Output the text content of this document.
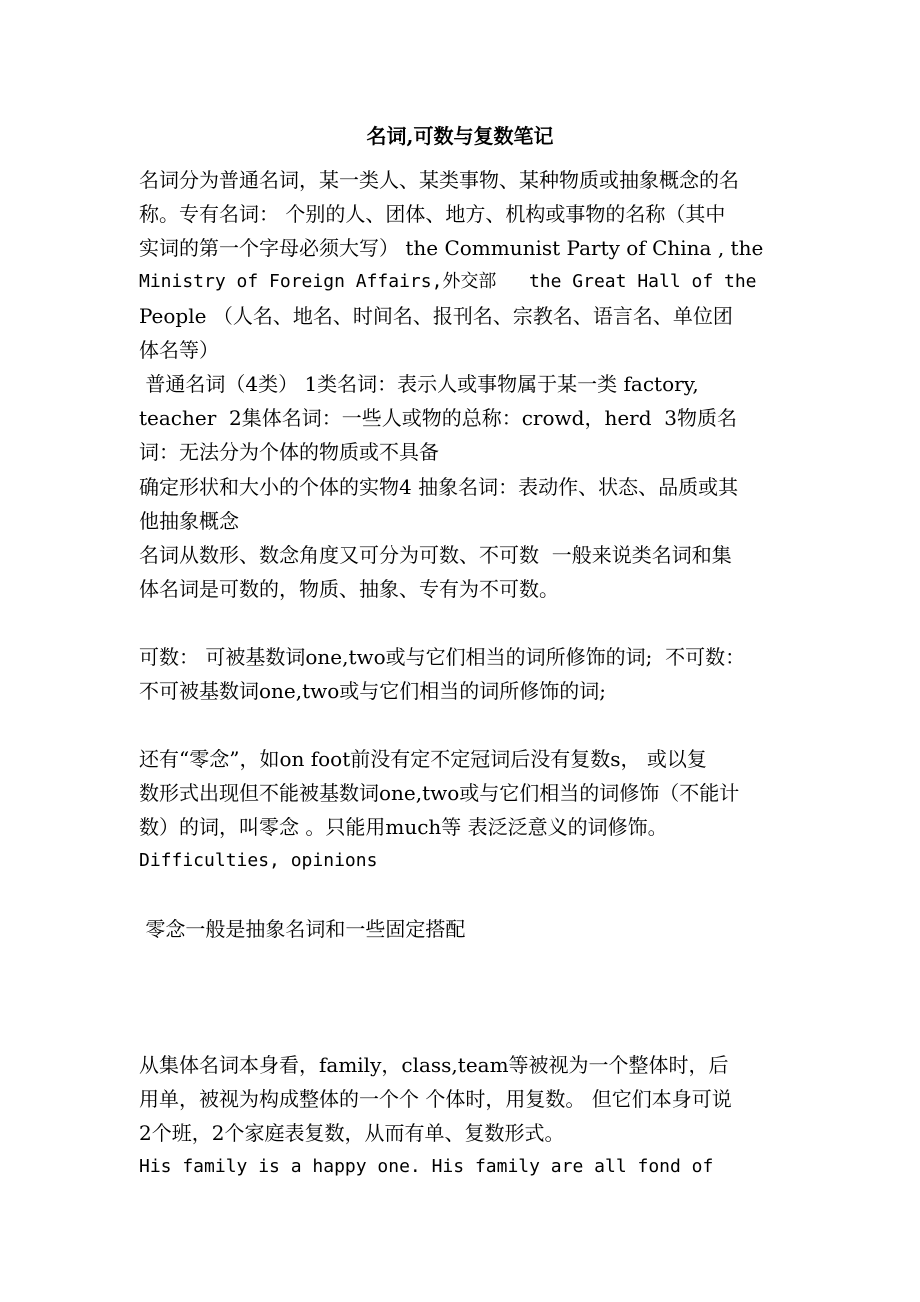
名词,可数与复数笔记
名词分为普通名词，某一类人、某类事物、某种物质或抽象概念的名
称。专有名词： 个别的人、团体、地方、机构或事物的名称（其中
实词的第一个字母必须大写） the Communist Party of China , the
Ministry of Foreign Affairs,外交部   the Great Hall of the
People （人名、地名、时间名、报刊名、宗教名、语言名、单位团
体名等）
普通名词（4类） 1类名词：表示人或事物属于某一类 factory,
teacher  2集体名词：一些人或物的总称：crowd，herd  3物质名
词：无法分为个体的物质或不具备
确定形状和大小的个体的实物4 抽象名词：表动作、状态、品质或其
他抽象概念
名词从数形、数念角度又可分为可数、不可数  一般来说类名词和集
体名词是可数的，物质、抽象、专有为不可数。
可数： 可被基数词one,two或与它们相当的词所修饰的词;  不可数：
不可被基数词one,two或与它们相当的词所修饰的词;
还有“零念”，如on foot前没有定不定冠词后没有复数s， 或以复
数形式出现但不能被基数词one,two或与它们相当的词修饰（不能计
数）的词，叫零念 。只能用much等 表泛泛意义的词修饰。
Difficulties, opinions
零念一般是抽象名词和一些固定搭配
从集体名词本身看，family，class,team等被视为一个整体时，后
用单，被视为构成整体的一个个 个体时，用复数。 但它们本身可说
2个班，2个家庭表复数，从而有单、复数形式。
His family is a happy one. His family are all fond of
